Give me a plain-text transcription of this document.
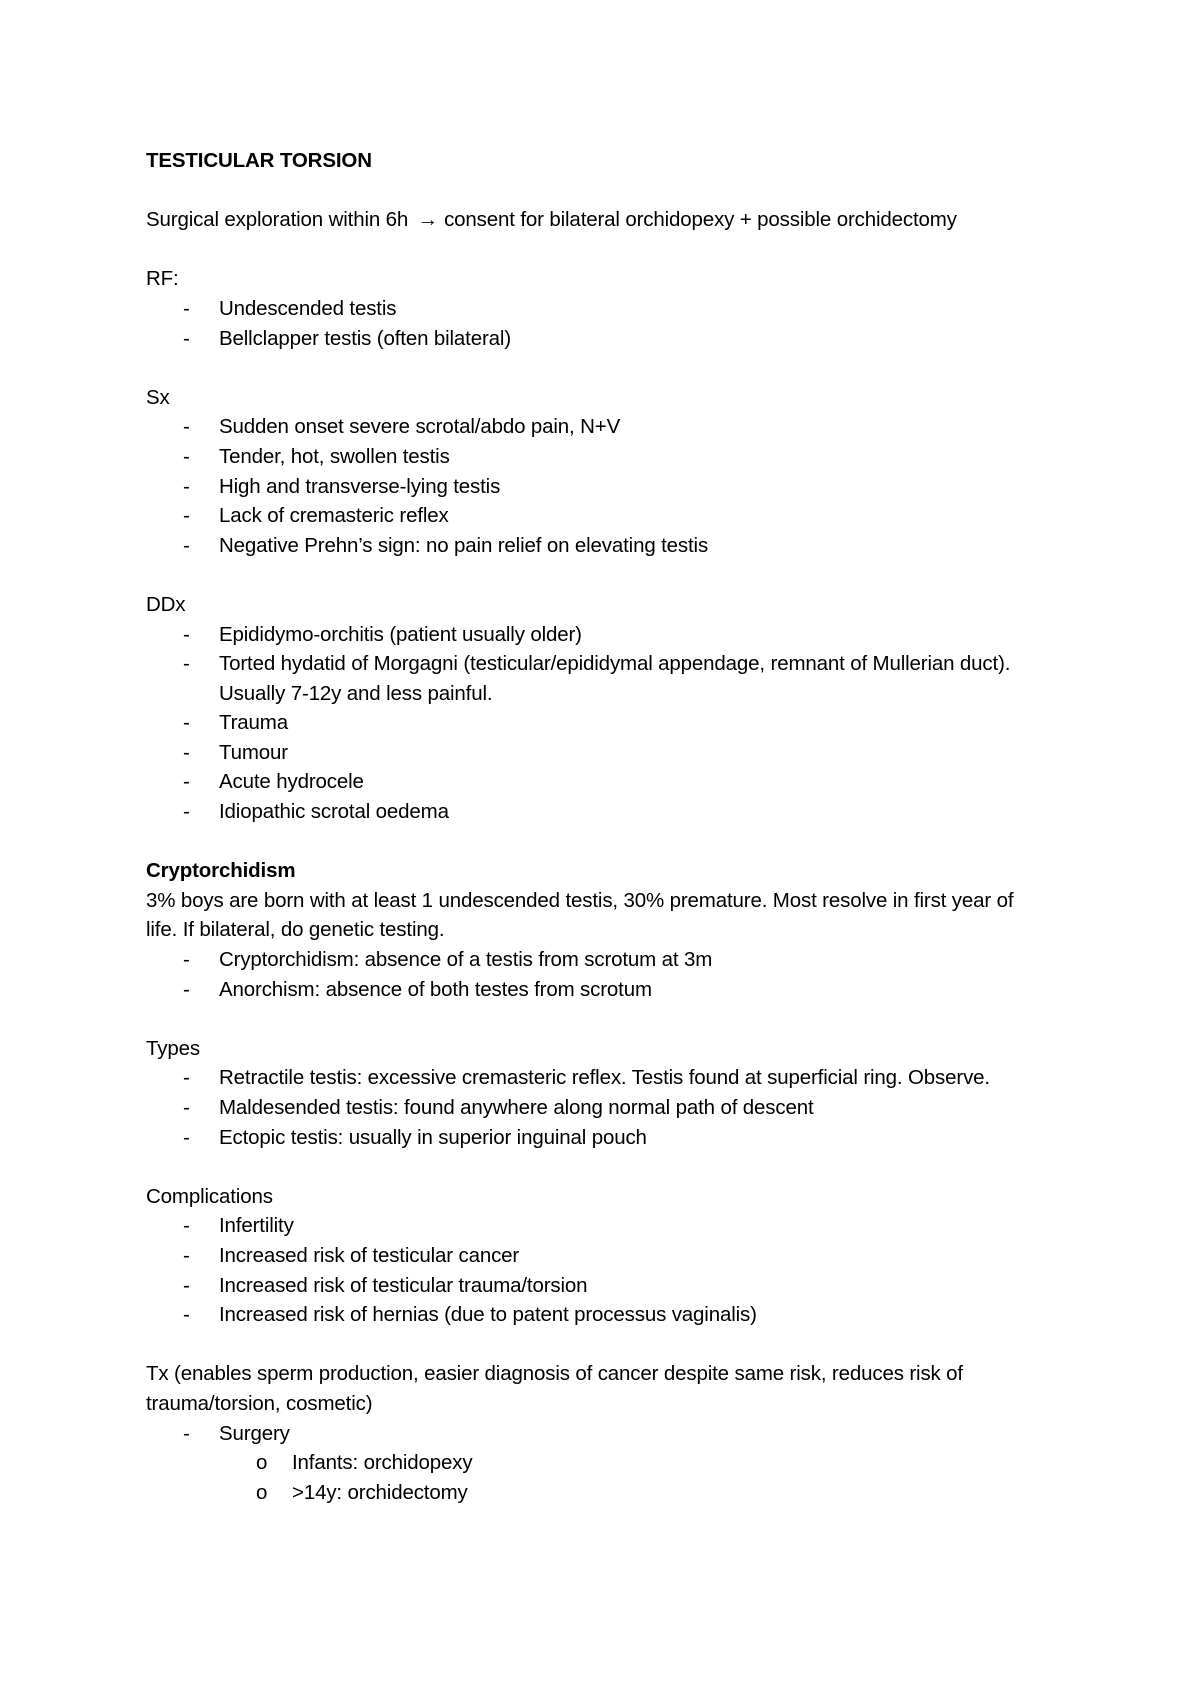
TESTICULAR TORSION

Surgical exploration within 6h → consent for bilateral orchidopexy + possible orchidectomy

RF:

- Undescended testis
- Bellclapper testis (often bilateral)

Sx

- Sudden onset severe scrotal/abdo pain, N+V
- Tender, hot, swollen testis
- High and transverse-lying testis
- Lack of cremasteric reflex
- Negative Prehn’s sign: no pain relief on elevating testis

DDx

- Epididymo-orchitis (patient usually older)
- Torted hydatid of Morgagni (testicular/epididymal appendage, remnant of Mullerian duct). Usually 7-12y and less painful.
- Trauma
- Tumour
- Acute hydrocele
- Idiopathic scrotal oedema

Cryptorchidism

3% boys are born with at least 1 undescended testis, 30% premature. Most resolve in first year of life. If bilateral, do genetic testing.

- Cryptorchidism: absence of a testis from scrotum at 3m
- Anorchism: absence of both testes from scrotum

Types

- Retractile testis: excessive cremasteric reflex. Testis found at superficial ring. Observe.
- Maldesended testis: found anywhere along normal path of descent
- Ectopic testis: usually in superior inguinal pouch

Complications

- Infertility
- Increased risk of testicular cancer
- Increased risk of testicular trauma/torsion
- Increased risk of hernias (due to patent processus vaginalis)

Tx (enables sperm production, easier diagnosis of cancer despite same risk, reduces risk of trauma/torsion, cosmetic)

- Surgery
o Infants: orchidopexy
o >14y: orchidectomy
